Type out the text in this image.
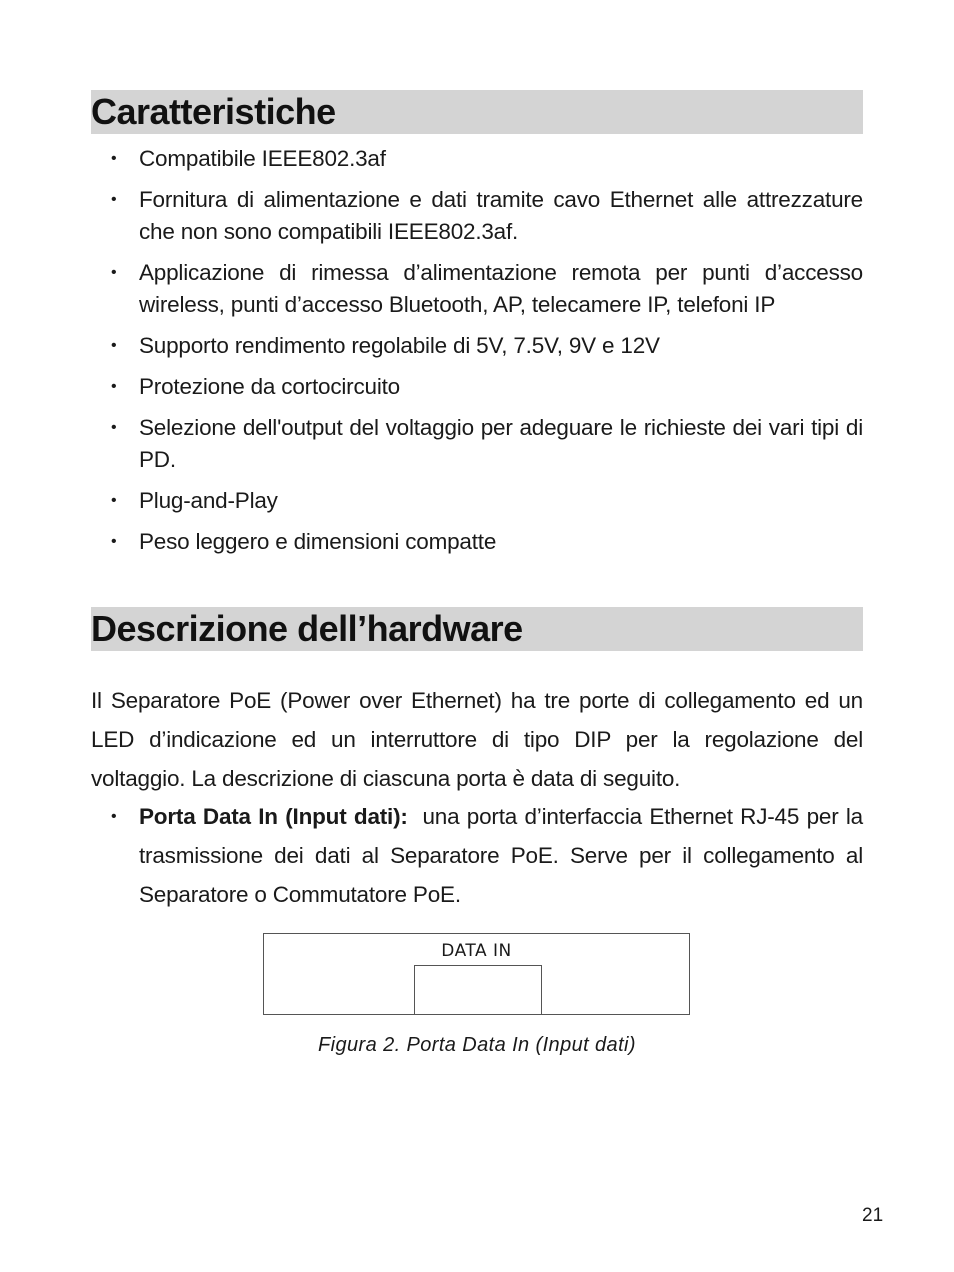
Caratteristiche
• Compatibile IEEE802.3af
• Fornitura di alimentazione e dati tramite cavo Ethernet alle attrezzature che non sono compatibili IEEE802.3af.
• Applicazione di rimessa d’alimentazione remota per punti d’accesso wireless, punti d’accesso Bluetooth, AP, telecamere IP, telefoni IP
• Supporto rendimento regolabile di 5V, 7.5V, 9V e 12V
• Protezione da cortocircuito
• Selezione dell'output del voltaggio per adeguare le richieste dei vari tipi di PD.
• Plug-and-Play
• Peso leggero e dimensioni compatte
Descrizione dell’hardware

Il Separatore PoE (Power over Ethernet) ha tre porte di collegamento ed un LED d’indicazione ed un interruttore di tipo DIP per la regolazione del voltaggio. La descrizione di ciascuna porta è data di seguito.

• Porta Data In (Input dati): una porta d’interfaccia Ethernet RJ-45 per la trasmissione dei dati al Separatore PoE. Serve per il collegamento al Separatore o Commutatore PoE.
DATA IN
Figura 2. Porta Data In (Input dati)
21
